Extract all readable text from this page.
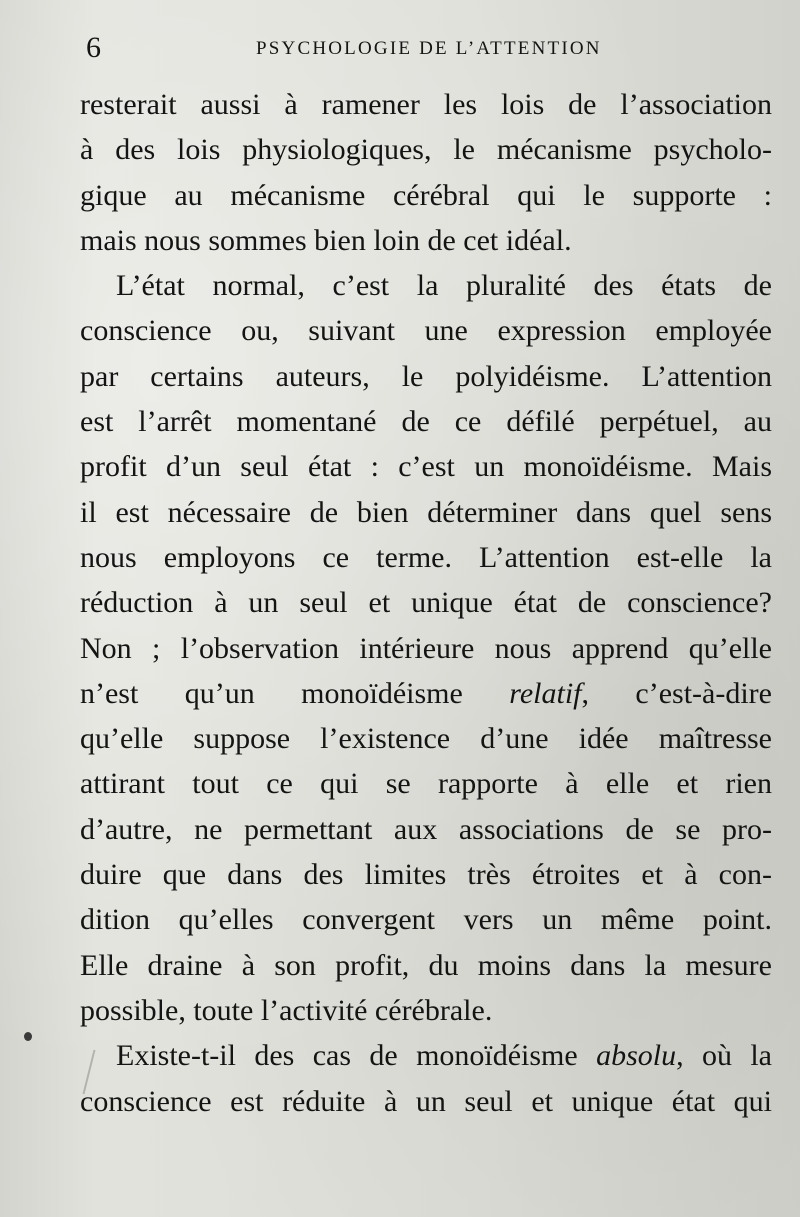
6	PSYCHOLOGIE DE L’ATTENTION
resterait aussi à ramener les lois de l’association
à des lois physiologiques, le mécanisme psycholo-
gique au mécanisme cérébral qui le supporte :
mais nous sommes bien loin de cet idéal.
L’état normal, c’est la pluralité des états de
conscience ou, suivant une expression employée
par certains auteurs, le polyidéisme. L’attention
est l’arrêt momentané de ce défilé perpétuel, au
profit d’un seul état : c’est un monoïdéisme. Mais
il est nécessaire de bien déterminer dans quel sens
nous employons ce terme. L’attention est-elle la
réduction à un seul et unique état de conscience?
Non ; l’observation intérieure nous apprend qu’elle
n’est qu’un monoïdéisme relatif, c’est-à-dire
qu’elle suppose l’existence d’une idée maîtresse
attirant tout ce qui se rapporte à elle et rien
d’autre, ne permettant aux associations de se pro-
duire que dans des limites très étroites et à con-
dition qu’elles convergent vers un même point.
Elle draine à son profit, du moins dans la mesure
possible, toute l’activité cérébrale.
Existe-t-il des cas de monoïdéisme absolu, où la
conscience est réduite à un seul et unique état qui
